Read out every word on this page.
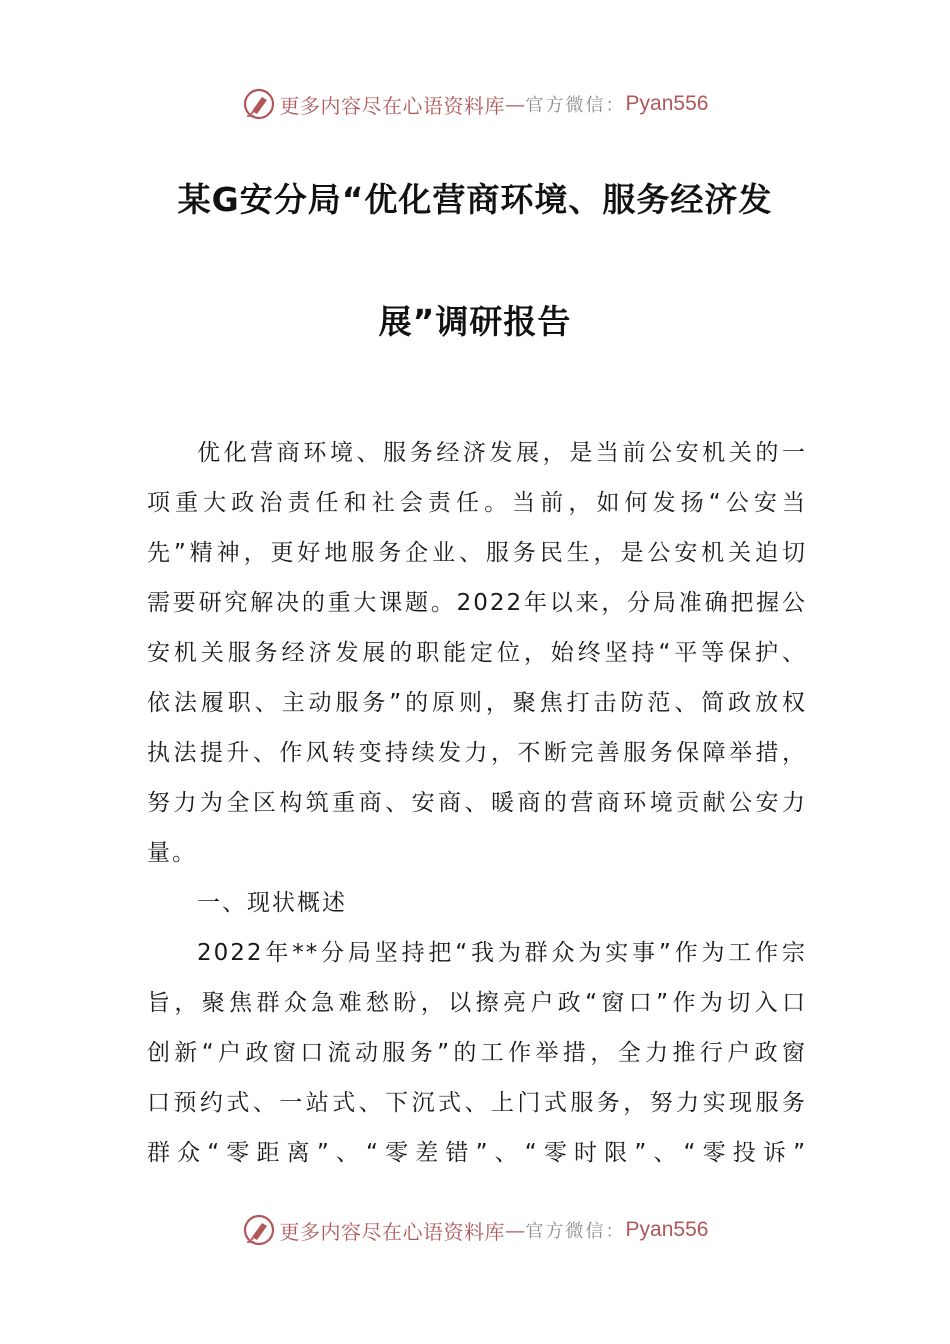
更多内容尽在心语资料库 — 官方微信： Pyan556
某G安分局“优化营商环境、服务经济发
展”调研报告
优化营商环境、服务经济发展，是当前公安机关的一
项重大政治责任和社会责任。当前，如何发扬“公安当
先”精神，更好地服务企业、服务民生，是公安机关迫切
需要研究解决的重大课题。2022年以来，分局准确把握公
安机关服务经济发展的职能定位，始终坚持“平等保护、
依法履职、主动服务”的原则，聚焦打击防范、简政放权
执法提升、作风转变持续发力，不断完善服务保障举措，
努力为全区构筑重商、安商、暖商的营商环境贡献公安力
量。
一、现状概述
2022年**分局坚持把“我为群众为实事”作为工作宗
旨，聚焦群众急难愁盼，以擦亮户政“窗口”作为切入口
创新“户政窗口流动服务”的工作举措，全力推行户政窗
口预约式、一站式、下沉式、上门式服务，努力实现服务
群众“零距离”、“零差错”、“零时限”、“零投诉”
更多内容尽在心语资料库 — 官方微信： Pyan556
